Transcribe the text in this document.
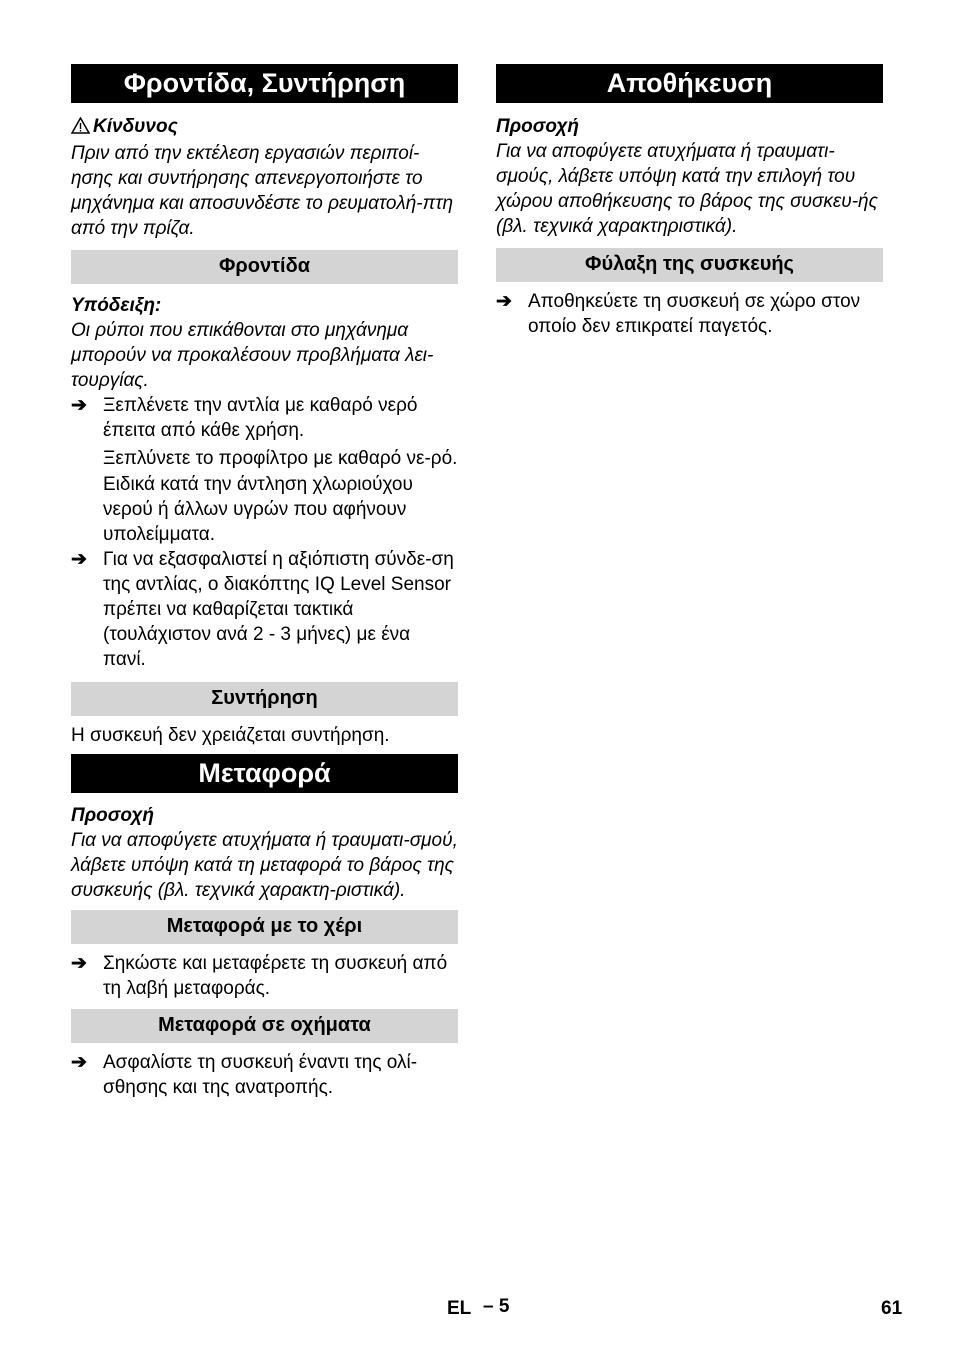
Φροντίδα, Συντήρηση
Κίνδυνος
Πριν από την εκτέλεση εργασιών περιποί-ησης και συντήρησης απενεργοποιήστε το μηχάνημα και αποσυνδέστε το ρευματολή-πτη από την πρίζα.
Φροντίδα
Υπόδειξη:
Οι ρύποι που επικάθονται στο μηχάνημα μπορούν να προκαλέσουν προβλήματα λει-τουργίας.
➔ Ξεπλένετε την αντλία με καθαρό νερό έπειτα από κάθε χρήση.
Ξεπλύνετε το προφίλτρο με καθαρό νε-ρό.
Ειδικά κατά την άντληση χλωριούχου νερού ή άλλων υγρών που αφήνουν υπολείμματα.
➔ Για να εξασφαλιστεί η αξιόπιστη σύνδε-ση της αντλίας, ο διακόπτης IQ Level Sensor πρέπει να καθαρίζεται τακτικά (τουλάχιστον ανά 2 - 3 μήνες) με ένα πανί.
Συντήρηση
Η συσκευή δεν χρειάζεται συντήρηση.
Μεταφορά
Προσοχή
Για να αποφύγετε ατυχήματα ή τραυματι-σμού, λάβετε υπόψη κατά τη μεταφορά το βάρος της συσκευής (βλ. τεχνικά χαρακτη-ριστικά).
Μεταφορά με το χέρι
➔ Σηκώστε και μεταφέρετε τη συσκευή από τη λαβή μεταφοράς.
Μεταφορά σε οχήματα
➔ Ασφαλίστε τη συσκευή έναντι της ολί-σθησης και της ανατροπής.
Αποθήκευση
Προσοχή
Για να αποφύγετε ατυχήματα ή τραυματι-σμούς, λάβετε υπόψη κατά την επιλογή του χώρου αποθήκευσης το βάρος της συσκευ-ής (βλ. τεχνικά χαρακτηριστικά).
Φύλαξη της συσκευής
➔ Αποθηκεύετε τη συσκευή σε χώρο στον οποίο δεν επικρατεί παγετός.
EL – 5	61
